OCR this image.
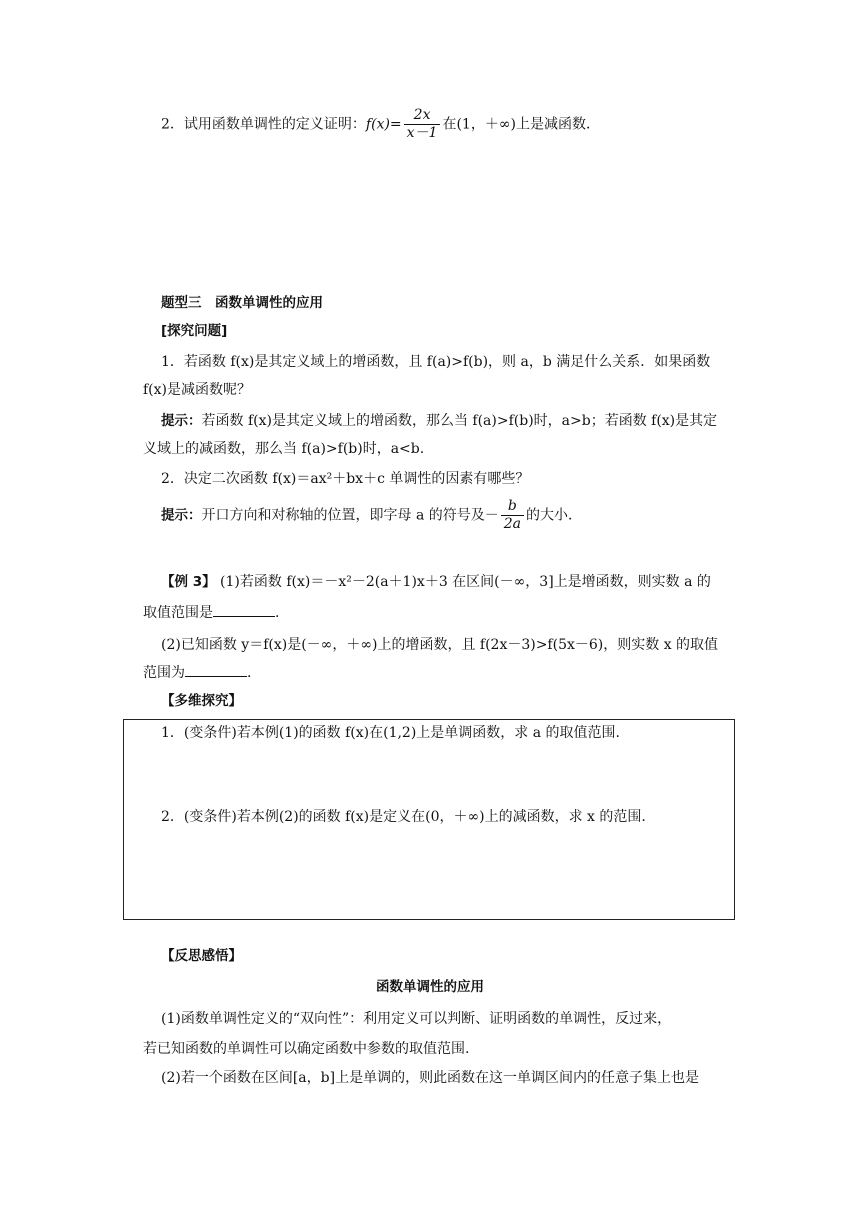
2．试用函数单调性的定义证明：$f(x)= \frac{2x}{x-1}$ 在(1，＋∞)上是减函数．
题型三　函数单调性的应用
[探究问题]
1．若函数 f(x)是其定义域上的增函数，且 f(a)>f(b)，则 a，b 满足什么关系．如果函数
f(x)是减函数呢？
提示：若函数 f(x)是其定义域上的增函数，那么当 f(a)>f(b)时，a>b；若函数 f(x)是其定
义域上的减函数，那么当 f(a)>f(b)时，a<b.
2．决定二次函数 f(x)＝ax²＋bx＋c 单调性的因素有哪些？
提示：开口方向和对称轴的位置，即字母 a 的符号及－ $\frac{b}{2a}$ 的大小．
【例 3】 (1)若函数 f(x)＝－x²－2(a＋1)x＋3 在区间(－∞，3]上是增函数，则实数 a 的
取值范围是	.
(2)已知函数 y＝f(x)是(－∞，＋∞)上的增函数，且 f(2x－3)>f(5x－6)，则实数 x 的取值
范围为	.
【多维探究】
1．(变条件)若本例(1)的函数 f(x)在(1,2)上是单调函数，求 a 的取值范围.
2．(变条件)若本例(2)的函数 f(x)是定义在(0，＋∞)上的减函数，求 x 的范围.
【反思感悟】
函数单调性的应用
(1)函数单调性定义的“双向性”：利用定义可以判断、证明函数的单调性，反过来，
若已知函数的单调性可以确定函数中参数的取值范围.
(2)若一个函数在区间[a，b]上是单调的，则此函数在这一单调区间内的任意子集上也是
